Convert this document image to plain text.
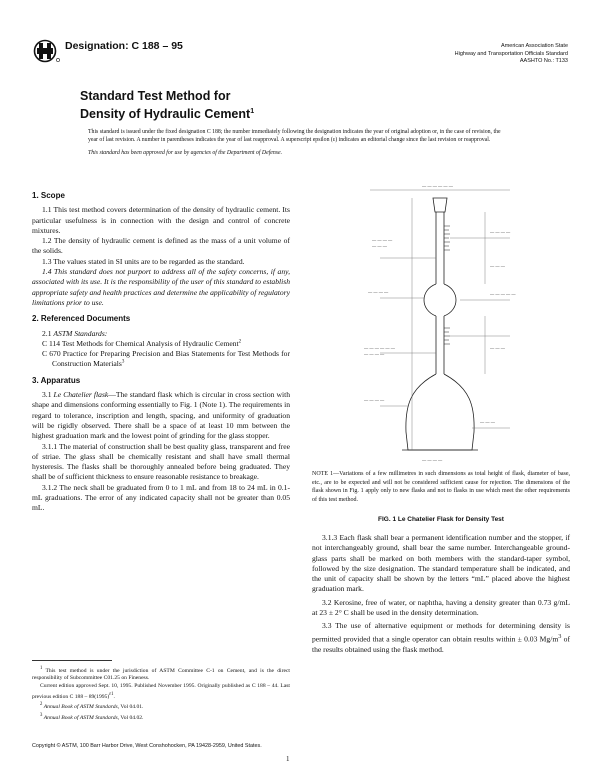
Designation: C 188 – 95	American Association State
Highway and Transportation Officials Standard
AASHTO No.: T133
Standard Test Method for
Density of Hydraulic Cement$^1$

This standard is issued under the fixed designation C 188; the number immediately following the designation indicates the year of original adoption or, in the case of revision, the year of last revision. A number in parentheses indicates the year of last reapproval. A superscript epsilon (ε) indicates an editorial change since the last revision or reapproval.

This standard has been approved for use by agencies of the Department of Defense.

1. Scope

1.1 This test method covers determination of the density of hydraulic cement. Its particular usefulness is in connection with the design and control of concrete mixtures.

1.2 The density of hydraulic cement is defined as the mass of a unit volume of the solids.

1.3 The values stated in SI units are to be regarded as the standard.

1.4 This standard does not purport to address all of the safety concerns, if any, associated with its use. It is the responsibility of the user of this standard to establish appropriate safety and health practices and determine the applicability of regulatory limitations prior to use.

2. Referenced Documents

2.1 ASTM Standards:

C 114 Test Methods for Chemical Analysis of Hydraulic Cement$^2$

C 670 Practice for Preparing Precision and Bias Statements for Test Methods for Construction Materials$^3$

3. Apparatus

3.1 Le Chatelier flask—The standard flask which is circular in cross section with shape and dimensions conforming essentially to Fig. 1 (Note 1). The requirements in regard to tolerance, inscription and length, spacing, and uniformity of graduation will be rigidly observed. There shall be a space of at least 10 mm between the highest graduation mark and the lowest point of grinding for the glass stopper.

3.1.1 The material of construction shall be best quality glass, transparent and free of striae. The glass shall be chemically resistant and shall have small thermal hysteresis. The flasks shall be thoroughly annealed before being graduated. They shall be of sufficient thickness to ensure reasonable resistance to breakage.

3.1.2 The neck shall be graduated from 0 to 1 mL and from 18 to 24 mL in 0.1-mL graduations. The error of any indicated capacity shall not be greater than 0.05 mL.

— — — — — —
— — — —
— — —
— — — —
— — —
— — — —	— — — — —
— — —
— — — — — —
— — — —
— — — —
— — —
— — — —
NOTE 1—Variations of a few millimetres in such dimensions as total height of flask, diameter of base, etc., are to be expected and will not be considered sufficient cause for rejection. The dimensions of the flask shown in Fig. 1 apply only to new flasks and not to flasks in use which meet the other requirements of this test method.
FIG. 1 Le Chatelier Flask for Density Test

3.1.3 Each flask shall bear a permanent identification number and the stopper, if not interchangeably ground, shall bear the same number. Interchangeable ground-glass parts shall be marked on both members with the standard-taper symbol, followed by the size designation. The standard temperature shall be indicated, and the unit of capacity shall be shown by the letters “mL” placed above the highest graduation mark.

3.2 Kerosine, free of water, or naphtha, having a density greater than 0.73 g/mL at 23 ± 2° C shall be used in the density determination.

3.3 The use of alternative equipment or methods for determining density is permitted provided that a single operator can obtain results within ± 0.03 $Mg/m^3$ of the results obtained using the flask method.

$^1$ This test method is under the jurisdiction of ASTM Committee C-1 on Cement, and is the direct responsibility of Subcommittee C01.25 on Fineness.

Current edition approved Sept. 10, 1995. Published November 1995. Originally published as C 188 – 44. Last previous edition C $188 - 89(1995)^{\varepsilon 1}$.

$^2$ Annual Book of ASTM Standards, Vol 04.01.

$^3$ Annual Book of ASTM Standards, Vol 04.02.

Copyright © ASTM, 100 Barr Harbor Drive, West Conshohocken, PA 19428-2959, United States.
1
